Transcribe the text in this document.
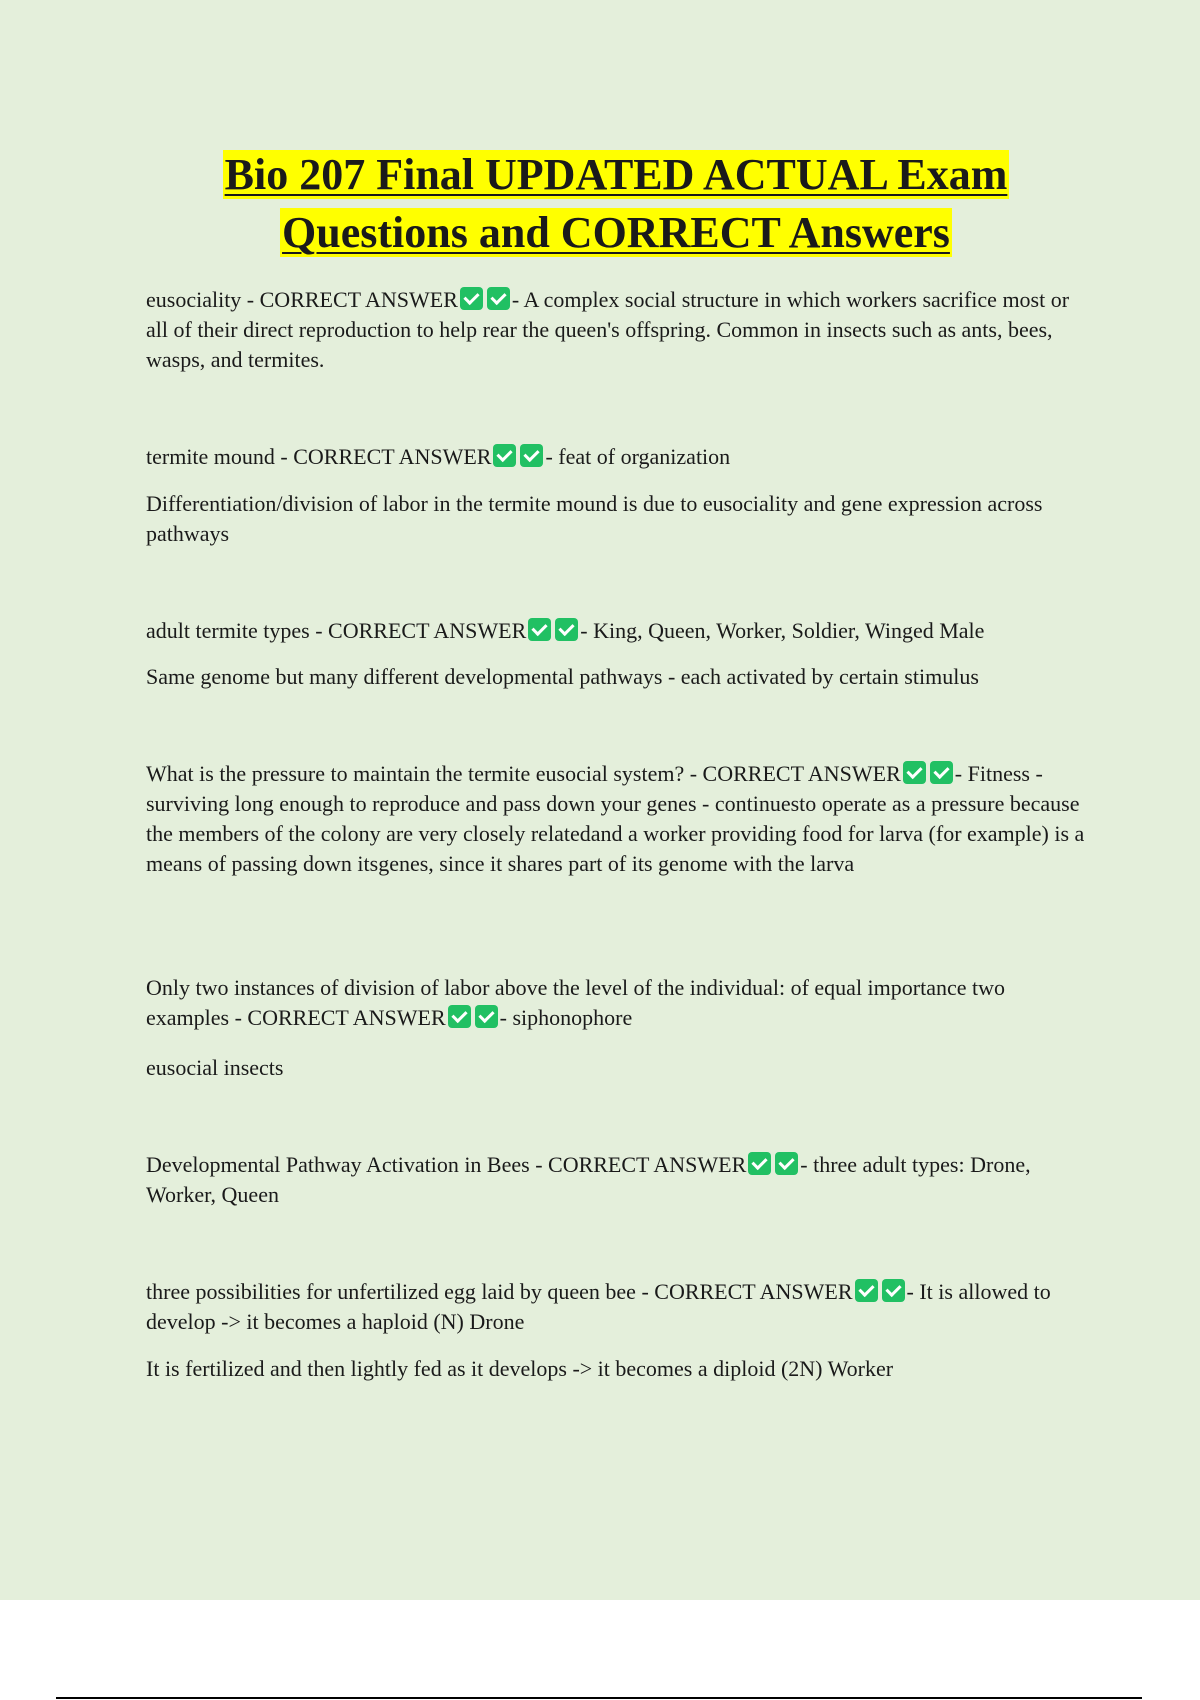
Bio 207 Final UPDATED ACTUAL Exam
Questions and CORRECT Answers

eusociality - CORRECT ANSWER - A complex social structure in which workers sacrifice most or all of their direct reproduction to help rear the queen's offspring. Common in insects such as ants, bees, wasps, and termites.

termite mound - CORRECT ANSWER - feat of organization

Differentiation/division of labor in the termite mound is due to eusociality and gene expression across pathways

adult termite types - CORRECT ANSWER - King, Queen, Worker, Soldier, Winged Male

Same genome but many different developmental pathways - each activated by certain stimulus

What is the pressure to maintain the termite eusocial system? - CORRECT ANSWER - Fitness - surviving long enough to reproduce and pass down your genes - continuesto operate as a pressure because the members of the colony are very closely relatedand a worker providing food for larva (for example) is a means of passing down itsgenes, since it shares part of its genome with the larva

Only two instances of division of labor above the level of the individual: of equal importance two examples - CORRECT ANSWER - siphonophore

eusocial insects

Developmental Pathway Activation in Bees - CORRECT ANSWER - three adult types: Drone, Worker, Queen

three possibilities for unfertilized egg laid by queen bee - CORRECT ANSWER - It is allowed to develop -> it becomes a haploid (N) Drone

It is fertilized and then lightly fed as it develops -> it becomes a diploid (2N) Worker
